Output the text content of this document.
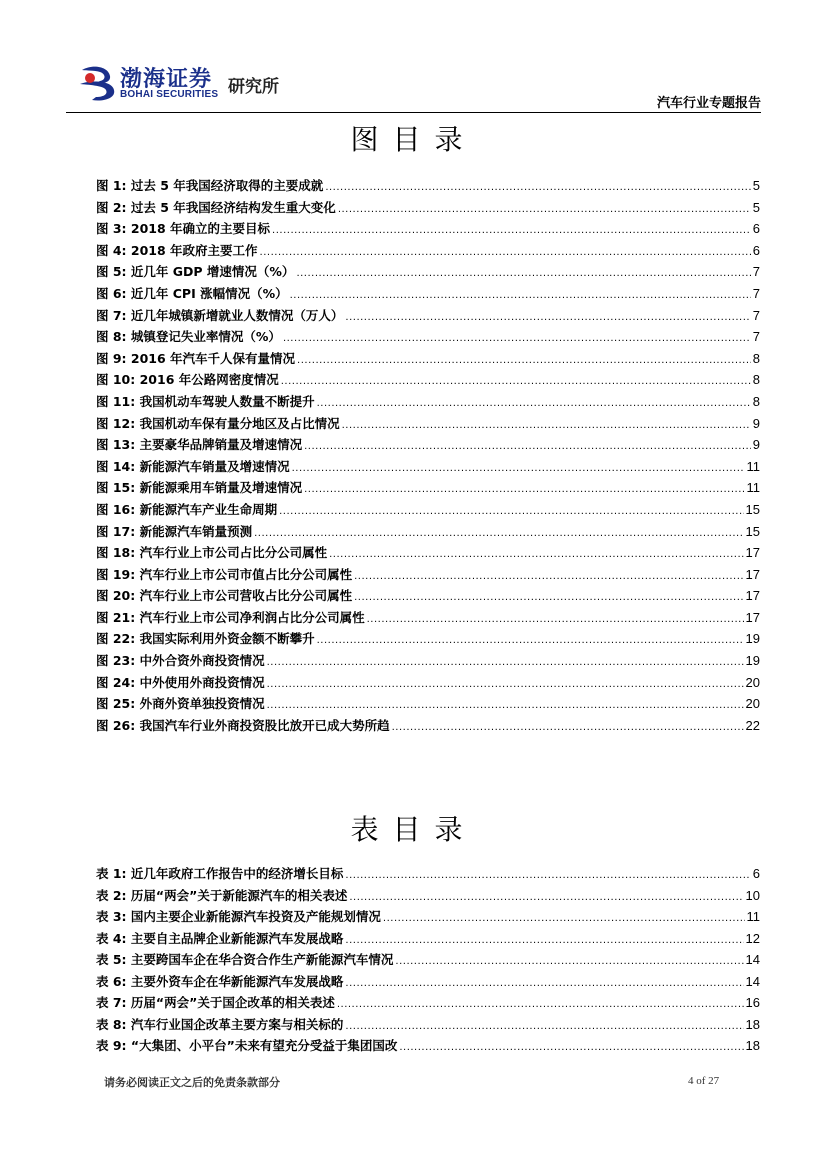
渤海证券
BOHAI SECURITIES 研究所
汽车行业专题报告
图目录
图 1: 过去 5 年我国经济取得的主要成就 .....	5
图 2: 过去 5 年我国经济结构发生重大变化 .....	5
图 3: 2018 年确立的主要目标 .....	6
图 4: 2018 年政府主要工作 .....	6
图 5: 近几年 GDP 增速情况（%） .....	7
图 6: 近几年 CPI 涨幅情况（%） .....	7
图 7: 近几年城镇新增就业人数情况（万人） .....	7
图 8: 城镇登记失业率情况（%） .....	7
图 9: 2016 年汽车千人保有量情况 .....	8
图 10: 2016 年公路网密度情况 .....	8
图 11: 我国机动车驾驶人数量不断提升 .....	8
图 12: 我国机动车保有量分地区及占比情况 .....	9
图 13: 主要豪华品牌销量及增速情况 .....	9
图 14: 新能源汽车销量及增速情况 .....	11
图 15: 新能源乘用车销量及增速情况 .....	11
图 16: 新能源汽车产业生命周期 .....	15
图 17: 新能源汽车销量预测 .....	15
图 18: 汽车行业上市公司占比分公司属性 .....	17
图 19: 汽车行业上市公司市值占比分公司属性 .....	17
图 20: 汽车行业上市公司营收占比分公司属性 .....	17
图 21: 汽车行业上市公司净利润占比分公司属性 .....	17
图 22: 我国实际利用外资金额不断攀升 .....	19
图 23: 中外合资外商投资情况 .....	19
图 24: 中外使用外商投资情况 .....	20
图 25: 外商外资单独投资情况 .....	20
图 26: 我国汽车行业外商投资股比放开已成大势所趋 .....	22
表目录
表 1: 近几年政府工作报告中的经济增长目标 .....	6
表 2: 历届“两会”关于新能源汽车的相关表述 .....	10
表 3: 国内主要企业新能源汽车投资及产能规划情况 .....	11
表 4: 主要自主品牌企业新能源汽车发展战略 .....	12
表 5: 主要跨国车企在华合资合作生产新能源汽车情况 .....	14
表 6: 主要外资车企在华新能源汽车发展战略 .....	14
表 7: 历届“两会”关于国企改革的相关表述 .....	16
表 8: 汽车行业国企改革主要方案与相关标的 .....	18
表 9: “大集团、小平台”未来有望充分受益于集团国改 .....	18
请务必阅读正文之后的免责条款部分	4 of 27
